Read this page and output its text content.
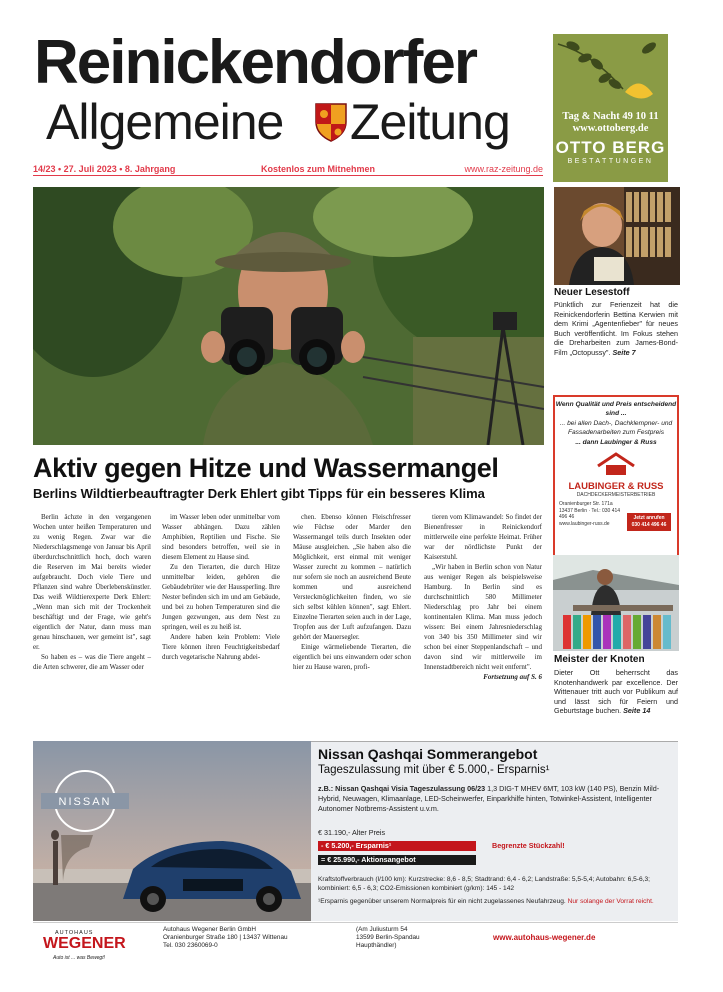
Reinickendorfer
Allgemeine Zeitung	Tag & Nacht 49 10 11
www.ottoberg.de
OTTO BERG
BESTATTUNGEN
14/23 • 27. Juli 2023 • 8. Jahrgang	Kostenlos zum Mitnehmen	www.raz-zeitung.de
Neuer Lesestoff
Pünktlich zur Ferienzeit hat die Reinickendorferin Bettina Kerwien mit dem Krimi „Agentenfieber" für neues Buch veröffentlicht. Im Fokus stehen die Dreharbeiten zum James-Bond-Film „Octopussy". Seite 7
Aktiv gegen Hitze und Wassermangel
Berlins Wildtierbeauftragter Derk Ehlert gibt Tipps für ein besseres Klima

Berlin ächzte in den vergangenen Wochen unter heißen Temperaturen und zu wenig Regen. Zwar war die Niederschlagsmenge von Januar bis April überdurchschnittlich hoch, doch waren die Reserven im Mai bereits wieder aufgebraucht. Doch viele Tiere und Pflanzen sind wahre Überlebenskünstler. Das weiß Wildtierexperte Derk Ehlert: „Wenn man sich mit der Trockenheit beschäftigt und der Frage, wie geht's eigentlich der Natur, dann muss man genau hinschauen, wer gemeint ist", sagt er.

So haben es – was die Tiere angeht – die Arten schwerer, die am Wasser oder

im Wasser leben oder unmittelbar vom Wasser abhängen. Dazu zählen Amphibien, Reptilien und Fische. Sie sind besonders betroffen, weil sie in diesem Element zu Hause sind.

Zu den Tierarten, die durch Hitze unmittelbar leiden, gehören die Gebäudebrüter wie der Haussperling. Ihre Nester befinden sich im und am Gebäude, und bei zu hohen Temperaturen sind die Jungen gezwungen, aus dem Nest zu springen, weil es zu heiß ist.

Andere haben kein Problem: Viele Tiere können ihren Feuchtigkeitsbedarf durch vegetarische Nahrung abdei-

chen. Ebenso können Fleischfresser wie Füchse oder Marder den Wassermangel teils durch Insekten oder Mäuse ausgleichen. „Sie haben also die Möglichkeit, erst einmal mit weniger Wasser zurecht zu kommen – natürlich nur sofern sie noch an ausreichend Beute kommen und ausreichend Versteckmöglichkeiten finden, wo sie sich selbst kühlen können", sagt Ehlert. Einzelne Tierarten seien auch in der Lage, Tropfen aus der Luft aufzufangen. Dazu gehört der Mauersegler.

Einige wärmeliebende Tierarten, die eigentlich bei uns einwandern oder schon hier zu Hause waren, profi-

tieren vom Klimawandel: So findet der Bienenfresser in Reinickendorf mittlerweile eine perfekte Heimat. Früher war der nördlichste Punkt der Kaiserstuhl.

„Wir haben in Berlin schon von Natur aus weniger Regen als beispielsweise Hamburg. In Berlin sind es durchschnittlich 580 Millimeter Niederschlag pro Jahr bei einem kontinentalen Klima. Man muss jedoch wissen: Bei einem Jahresniederschlag von 340 bis 350 Millimeter sind wir schon bei einer Steppenlandschaft – und davon sind wir mittlerweile im Innenstadtbereich nicht weit entfernt".

Fortsetzung auf S. 6
Wenn Qualität und Preis entscheidend sind ...
... bei allen Dach-, Dachklempner- und Fassadenarbeiten zum Festpreis
... dann Laubinger & Russ
LAUBINGER & RUSS
DACHDECKERMEISTERBETRIEB
Oranienburger Str. 171a 13437 Berlin · Tel.: 030 414 496 46
www.laubinger-russ.de
Jetzt anrufen 030 414 496 46
Meister der Knoten
Dieter Ott beherrscht das Knotenhandwerk par excellence. Der Wittenauer tritt auch vor Publikum auf und lässt sich für Feiern und Geburtstage buchen. Seite 14
NISSAN
Nissan Qashqai Sommerangebot
Tageszulassung mit über € 5.000,- Ersparnis¹
z.B.: Nissan Qashqai Visia Tageszulassung 06/23 1,3 DIG-T MHEV 6MT, 103 kW (140 PS), Benzin Mild-Hybrid, Neuwagen, Klimaanlage, LED-Scheinwerfer, Einparkhilfe hinten, Totwinkel-Assistent, Intelligenter Autonomer Notbrems-Assistent u.v.m.
€ 31.190,- Alter Preis
- € 5.200,- Ersparnis¹
= € 25.990,- Aktionsangebot
Begrenzte Stückzahl!
Kraftstoffverbrauch (l/100 km): Kurzstrecke: 8,6 - 8,5; Stadtrand: 6,4 - 6,2; Landstraße: 5,5-5,4; Autobahn: 6,5-6,3; kombiniert: 6,5 - 6,3; CO2-Emissionen kombiniert (g/km): 145 - 142
¹Ersparnis gegenüber unserem Normalpreis für ein nicht zugelassenes Neufahrzeug. Nur solange der Vorrat reicht.
AUTOHAUS
WEGENER
Auto ist ... was Bewegt!
Autohaus Wegener Berlin GmbH
Oranienburger Straße 180 | 13437 Wittenau
Tel. 030 2360069-0
(Am Juliusturm 54
13599 Berlin-Spandau
Haupthändler)
www.autohaus-wegener.de
